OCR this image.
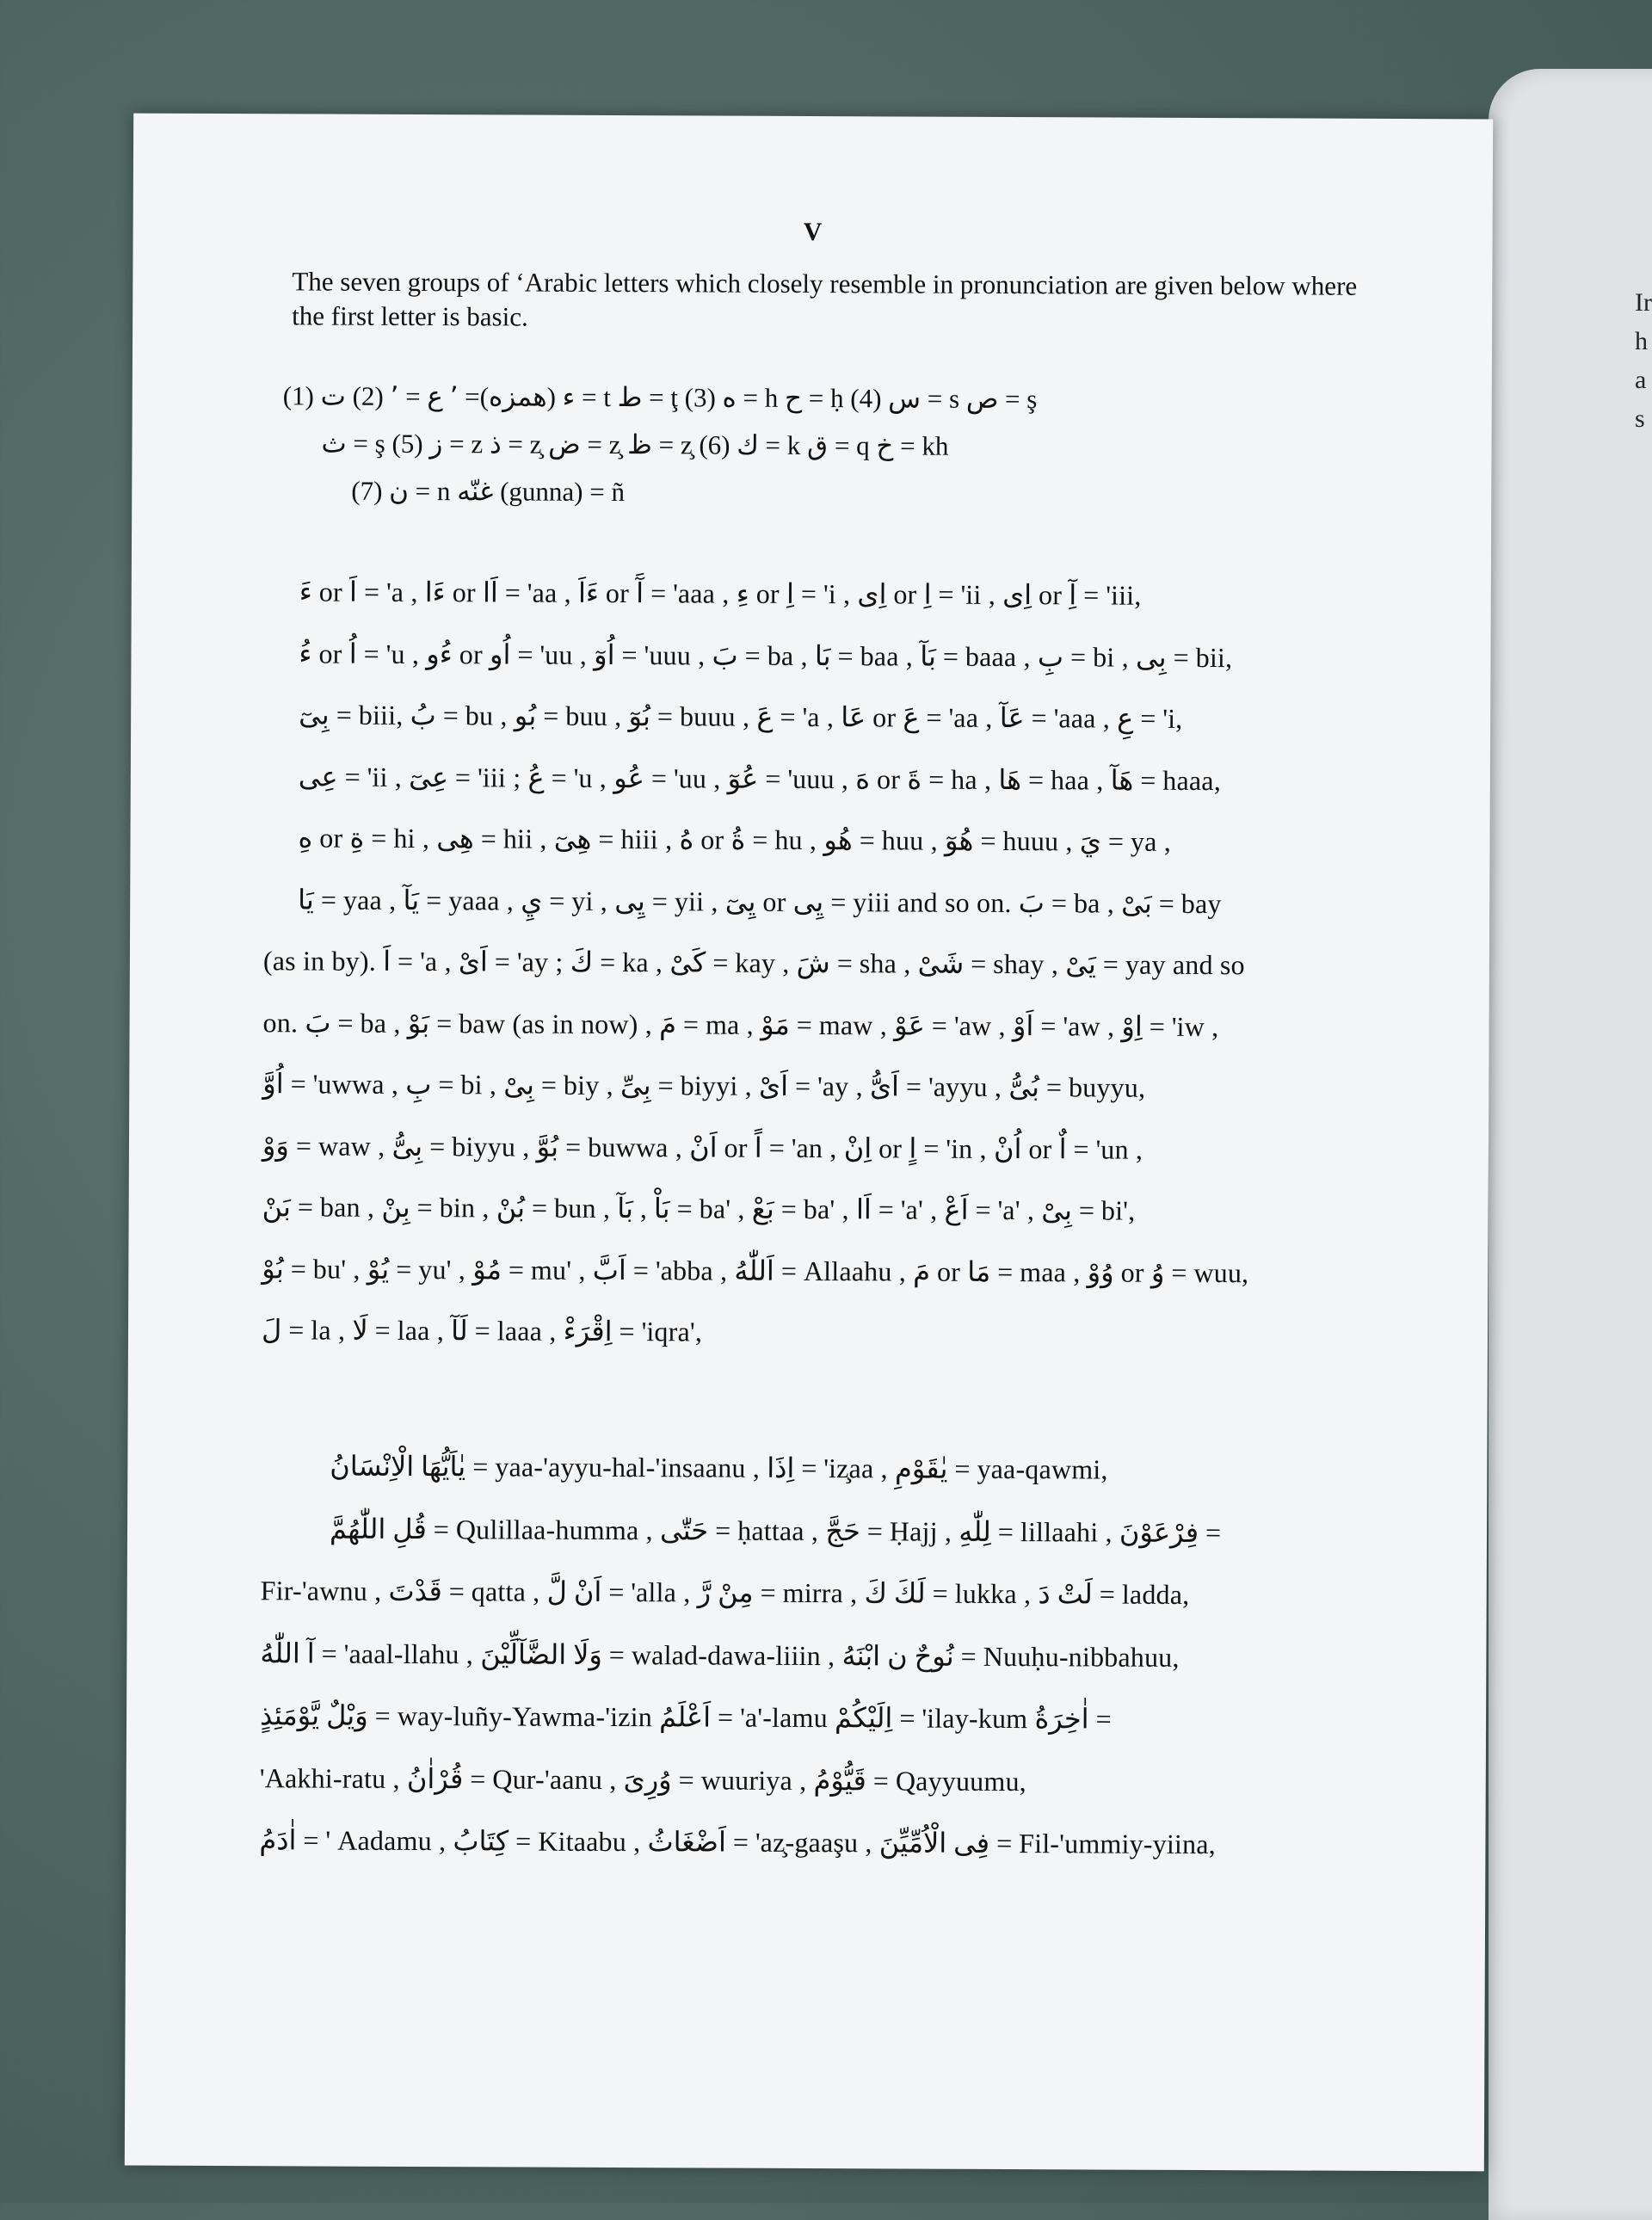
Ir
h
a
s
V
The seven groups of ‘Arabic letters which closely resemble in pronunciation are given below where the first letter is basic.
(1) ء (همزه)= ٬ ع = ٬ (2) ت = t ط = ţ (3) ه = h ح = ḥ (4) س = s ص = ş
ث = ş (5) ز = z ذ = z̧ ض = z̧ ظ = z̧ (6) ك = k ق = q خ = kh
(7) ن = n غنّه (gunna) = ñ
ءَ or اَ = 'a , ءَا or اَا = 'aa , ءَاَ or آَ = 'aaa , ءِ or اِ = 'i , اِی or اِ = 'ii , اِی or آِ = 'iii,
ءُ or اُ = 'u , ءُو or اُو = 'uu , اُوٓ = 'uuu , بَ = ba , بَا = baa , بَآ = baaa , بِ = bi , بِی = bii,
بِیٓ = biii, بُ = bu , بُو = buu , بُوٓ = buuu , عَ = 'a , عَا or عَ = 'aa , عَآ = 'aaa , عِ = 'i,
عِی = 'ii , عِیٓ = 'iii ; عُ = 'u , عُو = 'uu , عُوٓ = 'uuu , هَ or ةَ = ha , هَا = haa , هَآ = haaa,
هِ or ةِ = hi , هِی = hii , هِیٓ = hiii , هُ or ةُ = hu , هُو = huu , هُوٓ = huuu , يَ = ya ,
يَا = yaa , يَآ = yaaa , يِ = yi , يِی = yii , يِیٓ or يِی = yiii and so on. بَ = ba , بَیْ = bay
(as in by). اَ = 'a , اَیْ = 'ay ; كَ = ka , كَیْ = kay , شَ = sha , شَیْ = shay , يَیْ = yay and so
on. بَ = ba , بَوْ = baw (as in now) , مَ = ma , مَوْ = maw , عَوْ = 'aw , اَوْ = 'aw , اِوْ = 'iw ,
اُوَّ = 'uwwa , بِ = bi , بِیْ = biy , بِیِّ = biyyi , اَیْ = 'ay , اَیُّ = 'ayyu , بُیُّ = buyyu,
وَوْ = waw , بِیُّ = biyyu , بُوَّ = buwwa , اَنْ or اً = 'an , اِنْ or اٍ = 'in , اُنْ or اٌ = 'un ,
بَنْ = ban , بِنْ = bin , بُنْ = bun , بَاْ , بَآ = ba' , بَعْ = ba' , اَا = 'a' , اَعْ = 'a' , بِیْ = bi',
بُوْ = bu' , یُوْ = yu' , مُوْ = mu' , اَبَّ = 'abba , اَللّٰهُ = Allaahu , مَ or مَا = maa , وُوْ or وُ = wuu,
لَ = la , لَا = laa , لَآ = laaa , اِقْرَءْ = 'iqra',
یٰاَیُّهَا الْاِنْسَانُ = yaa-'ayyu-hal-'insaanu , اِذَا = 'iz̧aa , یٰقَوْمِ = yaa-qawmi,
قُلِ اللّٰهُمَّ = Qulillaa-humma , حَتّٰی = ḥattaa , حَجَّ = Ḥajj , لِلّٰهِ = lillaahi , فِرْعَوْنَ =
Fir-'awnu , قَدْتَ = qatta , اَنْ لَّ = 'alla , مِنْ رَّ = mirra , لَكَ كَ = lukka , لَتْ دَ = ladda,
آ اللّٰهُ = 'aaal-llahu , وَلَا الضَّآلِّيْنَ = walad-dawa-liiin , نُوحٌ ن ابْنَهُ = Nuuḥu-nibbahuu,
وَيْلٌ يَّوْمَئِذٍ = way-luñy-Yawma-'izin اَعْلَمُ = 'a'-lamu اِلَيْكُمْ = 'ilay-kum اٰخِرَةُ =
'Aakhi-ratu , قُرْاٰنُ = Qur-'aanu , وُرِىَ = wuuriya , قَيُّوْمُ = Qayyuumu,
اٰدَمُ = ' Aadamu , كِتَابُ = Kitaabu , اَضْغَاثُ = 'az̧-gaaşu , فِى الْاُمِّيِّنَ = Fil-'ummiy-yiina,
